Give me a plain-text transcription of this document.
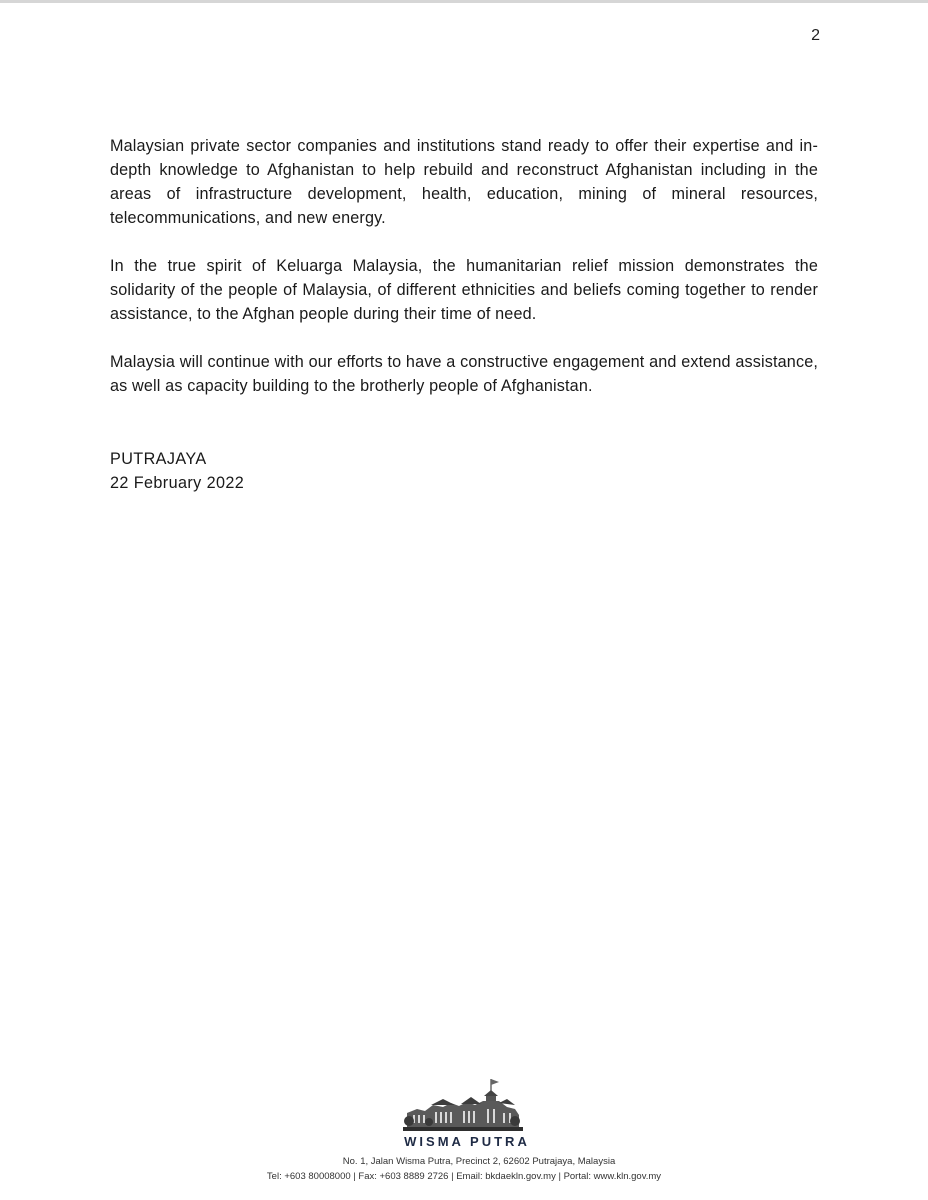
2

Malaysian private sector companies and institutions stand ready to offer their expertise and in-depth knowledge to Afghanistan to help rebuild and reconstruct Afghanistan including in the areas of infrastructure development, health, education, mining of mineral resources, telecommunications, and new energy.

In the true spirit of Keluarga Malaysia, the humanitarian relief mission demonstrates the solidarity of the people of Malaysia, of different ethnicities and beliefs coming together to render assistance, to the Afghan people during their time of need.

Malaysia will continue with our efforts to have a constructive engagement and extend assistance, as well as capacity building to the brotherly people of Afghanistan.

PUTRAJAYA
22 February 2022
WISMA PUTRA
No. 1, Jalan Wisma Putra, Precinct 2, 62602 Putrajaya, Malaysia
Tel: +603 80008000 | Fax: +603 8889 2726 | Email: bkdaekln.gov.my | Portal: www.kln.gov.my
